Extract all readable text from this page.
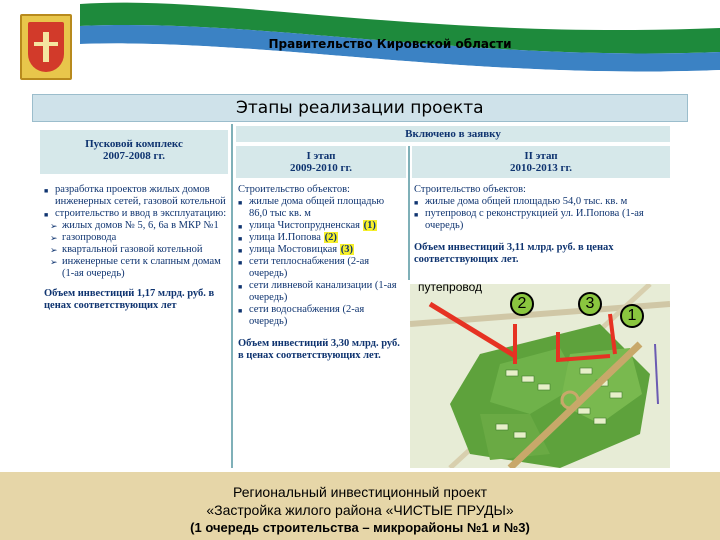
Правительство Кировской области
Этапы реализации проекта
Пусковой комплекс
2007-2008 гг.
Включено в заявку
I этап
2009-2010 гг.
II этап
2010-2013 гг.
■ разработка проектов жилых домов инженерных сетей, газовой котельной
■ строительство и ввод в эксплуатацию:
➢ жилых домов № 5, 6, 6а в МКР №1
➢ газопровода
➢ квартальной газовой котельной
➢ инженерные сети к слапным домам (1-ая очередь)
Объем инвестиций 1,17 млрд. руб. в ценах соответствующих лет
Строительство объектов:
■ жилые дома общей площадью 86,0 тыс кв. м
■ улица Чистопрудненская (1)
■ улица И.Попова (2)
■ улица Мостовицкая (3)
■ сети теплоснабжения (2-ая очередь)
■ сети ливневой канализации (1-ая очередь)
■ сети водоснабжения (2-ая очередь)
Объем инвестиций 3,30 млрд. руб. в ценах соответствующих лет.
Строительство объектов:
■ жилые дома общей площадью 54,0 тыс. кв. м
■ путепровод с реконструкцией ул. И.Попова (1-ая очередь)
Объем инвестиций 3,11 млрд. руб. в ценах соответствующих лет.
путепровод
2	3
1
Региональный инвестиционный проект
«Застройка жилого района «ЧИСТЫЕ ПРУДЫ»
(1 очередь строительства – микрорайоны №1 и №3)
